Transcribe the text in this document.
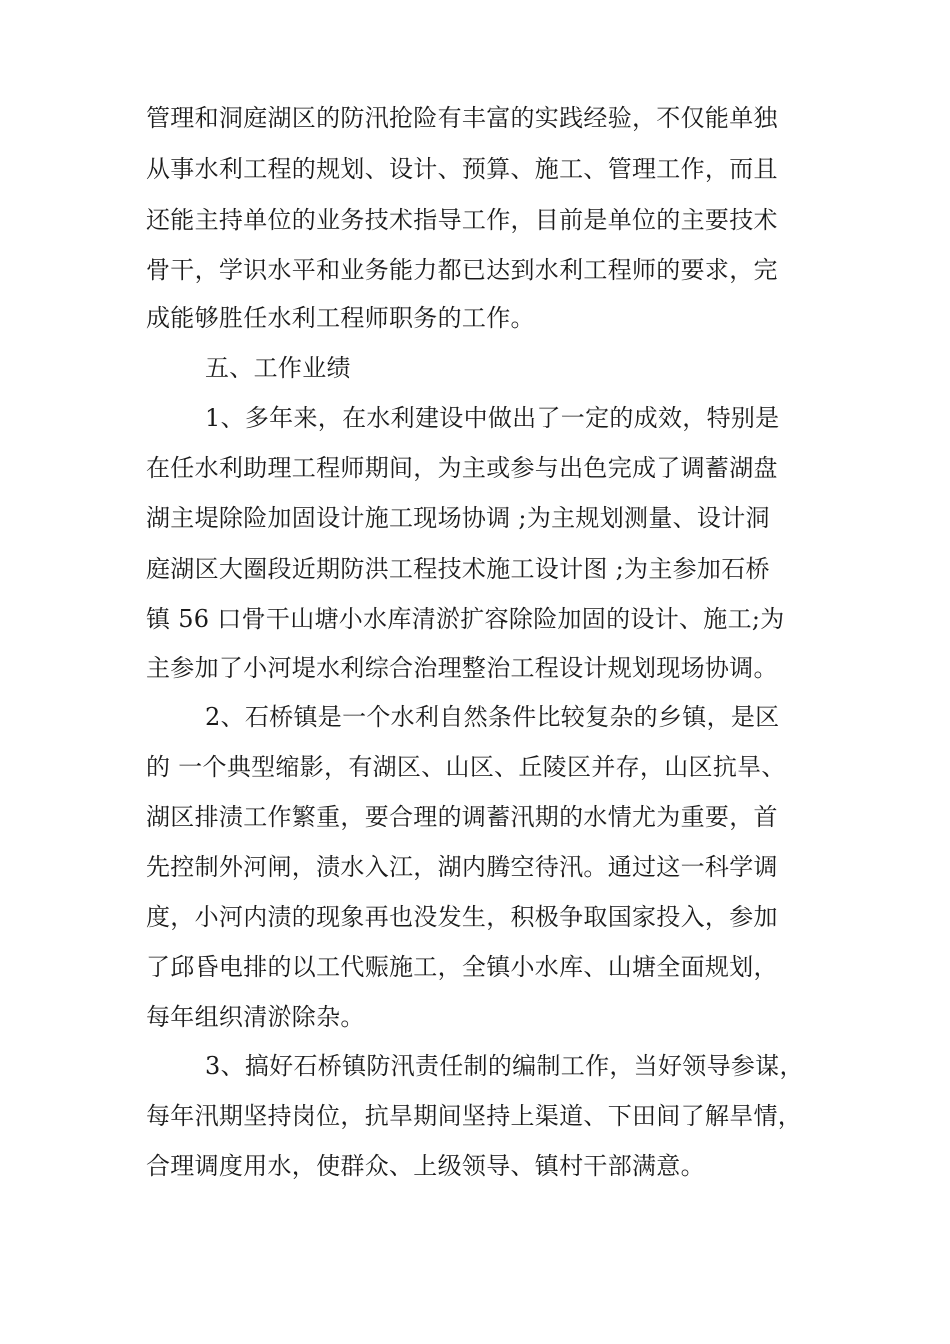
管理和洞庭湖区的防汛抢险有丰富的实践经验，不仅能单独
从事水利工程的规划、设计、预算、施工、管理工作，而且
还能主持单位的业务技术指导工作，目前是单位的主要技术
骨干，学识水平和业务能力都已达到水利工程师的要求，完
成能够胜任水利工程师职务的工作。
五、工作业绩
1、多年来，在水利建设中做出了一定的成效，特别是
在任水利助理工程师期间，为主或参与出色完成了调蓄湖盘
湖主堤除险加固设计施工现场协调 ;为主规划测量、设计洞
庭湖区大圈段近期防洪工程技术施工设计图 ;为主参加石桥
镇 56 口骨干山塘小水库清淤扩容除险加固的设计、施工;为
主参加了小河堤水利综合治理整治工程设计规划现场协调。
2、石桥镇是一个水利自然条件比较复杂的乡镇，是区
的 一个典型缩影，有湖区、山区、丘陵区并存，山区抗旱、
湖区排渍工作繁重，要合理的调蓄汛期的水情尤为重要，首
先控制外河闸，渍水入江，湖内腾空待汛。通过这一科学调
度，小河内渍的现象再也没发生，积极争取国家投入，参加
了邱昏电排的以工代赈施工，全镇小水库、山塘全面规划，
每年组织清淤除杂。
3、搞好石桥镇防汛责任制的编制工作，当好领导参谋，
每年汛期坚持岗位，抗旱期间坚持上渠道、下田间了解旱情，
合理调度用水，使群众、上级领导、镇村干部满意。
